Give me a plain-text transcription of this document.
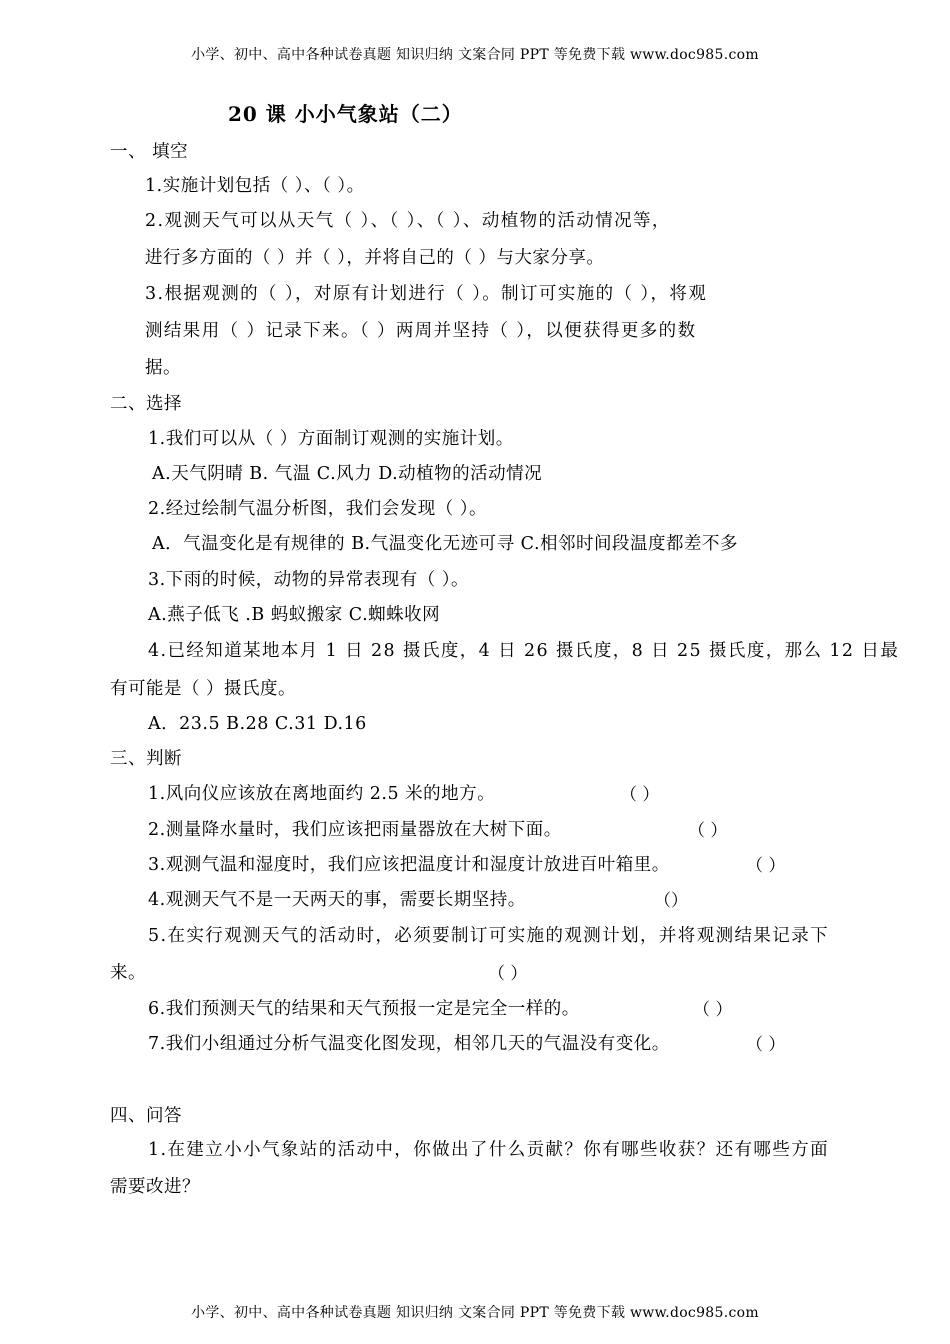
小学、初中、高中各种试卷真题 知识归纳 文案合同 PPT 等免费下载 www.doc985.com
20 课 小小气象站（二）
一、 填空
1.实施计划包括（ ）、（ ）。
2.观测天气可以从天气（ ）、（ ）、（ ）、动植物的活动情况等，
进行多方面的（ ）并（ ），并将自己的（ ）与大家分享。
3.根据观测的（ ），对原有计划进行（ ）。制订可实施的（ ），将观
测结果用（ ）记录下来。（ ）两周并坚持（ ），以便获得更多的数
据。
二、选择
1.我们可以从（ ）方面制订观测的实施计划。
A.天气阴晴 B. 气温 C.风力 D.动植物的活动情况
2.经过绘制气温分析图，我们会发现（ ）。
A．气温变化是有规律的 B.气温变化无迹可寻 C.相邻时间段温度都差不多
3.下雨的时候，动物的异常表现有（ ）。
A.燕子低飞 .B 蚂蚁搬家 C.蜘蛛收网
4.已经知道某地本月 1 日 28 摄氏度，4 日 26 摄氏度，8 日 25 摄氏度，那么 12 日最
有可能是（ ）摄氏度。
A．23.5 B.28 C.31 D.16
三、判断
1.风向仪应该放在离地面约 2.5 米的地方。	（ ）
2.测量降水量时，我们应该把雨量器放在大树下面。	（ ）
3.观测气温和湿度时，我们应该把温度计和湿度计放进百叶箱里。	（ ）
4.观测天气不是一天两天的事，需要长期坚持。	（）
5.在实行观测天气的活动时，必须要制订可实施的观测计划，并将观测结果记录下
来。	（ ）
6.我们预测天气的结果和天气预报一定是完全一样的。	（ ）
7.我们小组通过分析气温变化图发现，相邻几天的气温没有变化。	（ ）
四、问答
1.在建立小小气象站的活动中，你做出了什么贡献？你有哪些收获？还有哪些方面
需要改进？
小学、初中、高中各种试卷真题 知识归纳 文案合同 PPT 等免费下载 www.doc985.com
